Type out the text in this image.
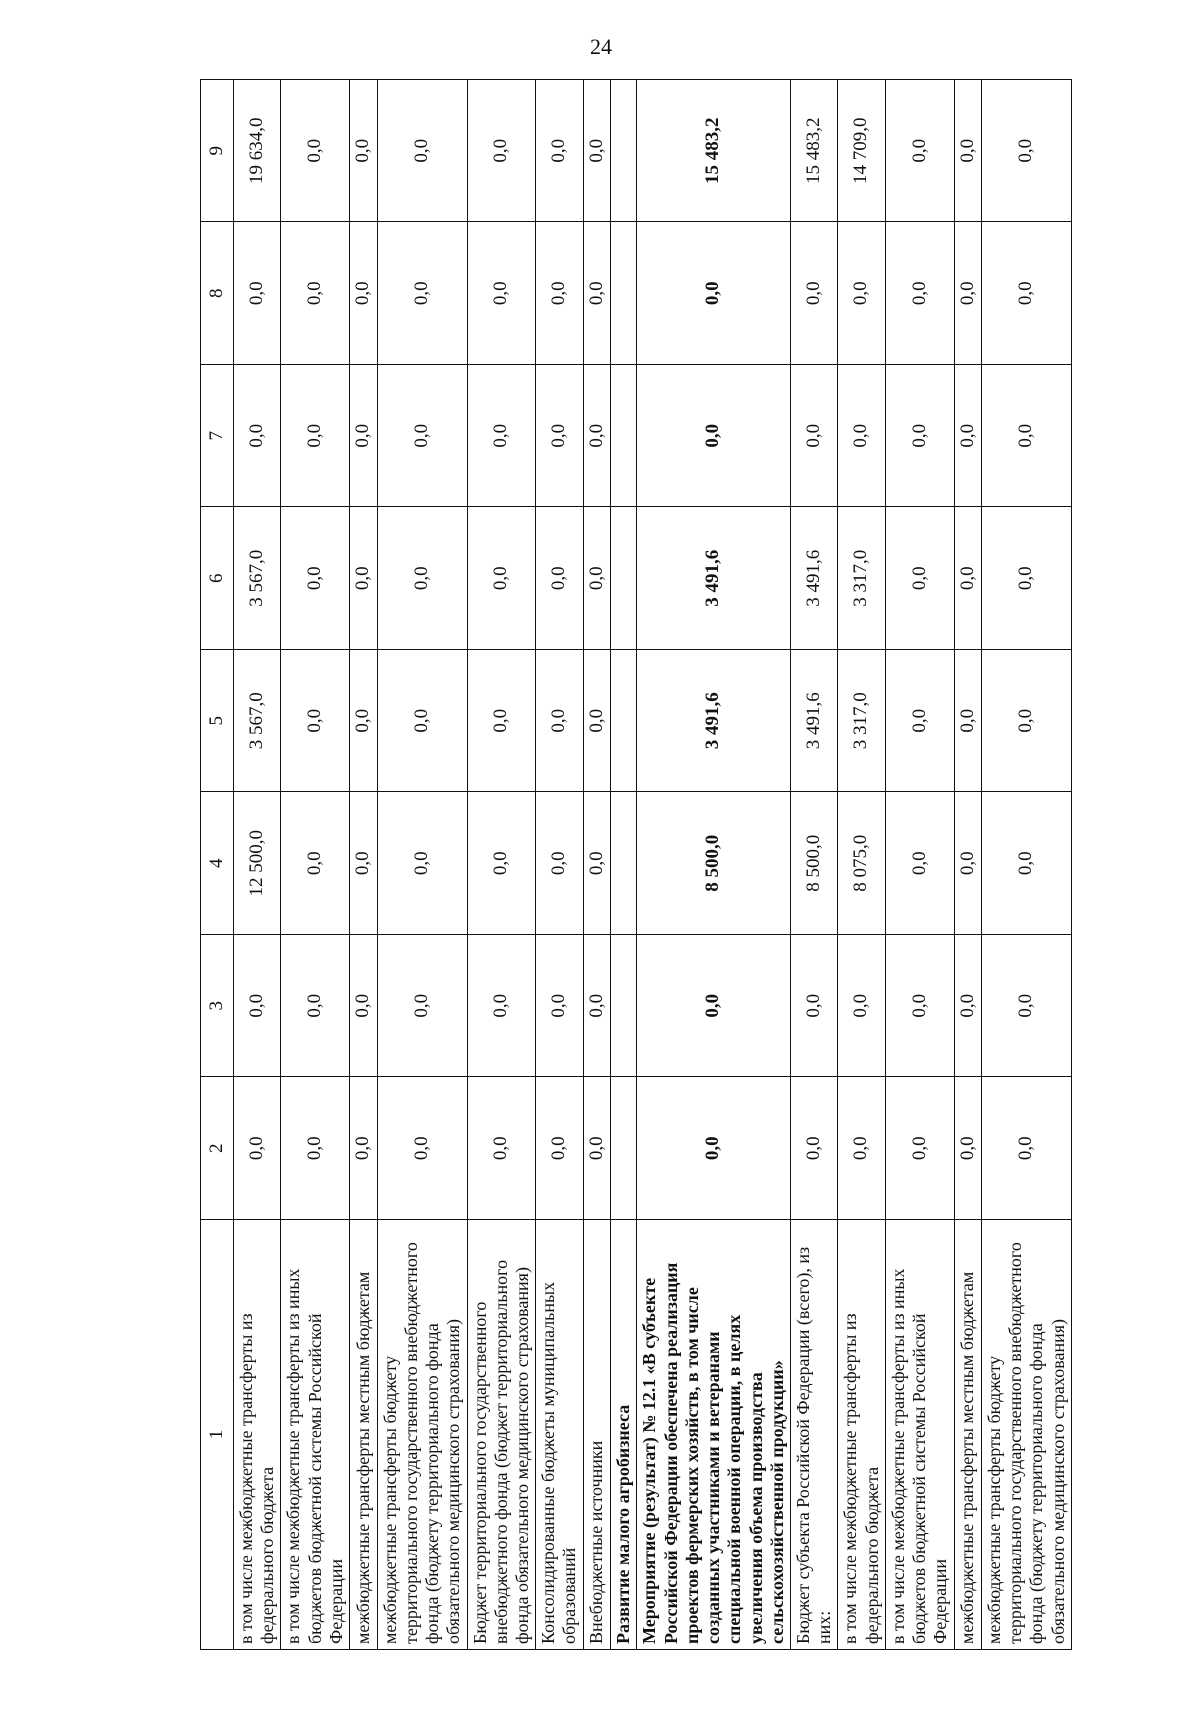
24
1	2	3	4	5	6	7	8	9
в том числе межбюджетные трансферты из федерального бюджета	0,0	0,0	12 500,0	3 567,0	3 567,0	0,0	0,0	19 634,0
в том числе межбюджетные трансферты из иных бюджетов бюджетной системы Российской Федерации	0,0	0,0	0,0	0,0	0,0	0,0	0,0	0,0
межбюджетные трансферты местным бюджетам	0,0	0,0	0,0	0,0	0,0	0,0	0,0	0,0
межбюджетные трансферты бюджету территориального государственного внебюджетного фонда (бюджету территориального фонда обязательного медицинского страхования)	0,0	0,0	0,0	0,0	0,0	0,0	0,0	0,0
Бюджет территориального государственного внебюджетного фонда (бюджет территориального фонда обязательного медицинского страхования)	0,0	0,0	0,0	0,0	0,0	0,0	0,0	0,0
Консолидированные бюджеты муниципальных образований	0,0	0,0	0,0	0,0	0,0	0,0	0,0	0,0
Внебюджетные источники	0,0	0,0	0,0	0,0	0,0	0,0	0,0	0,0
Развитие малого агробизнеса								
Мероприятие (результат) № 12.1 «В субъекте Российской Федерации обеспечена реализация проектов фермерских хозяйств, в том числе созданных участниками и ветеранами специальной военной операции, в целях увеличения объема производства сельскохозяйственной продукции»	0,0	0,0	8 500,0	3 491,6	3 491,6	0,0	0,0	15 483,2
Бюджет субъекта Российской Федерации (всего), из них:	0,0	0,0	8 500,0	3 491,6	3 491,6	0,0	0,0	15 483,2
в том числе межбюджетные трансферты из федерального бюджета	0,0	0,0	8 075,0	3 317,0	3 317,0	0,0	0,0	14 709,0
в том числе межбюджетные трансферты из иных бюджетов бюджетной системы Российской Федерации	0,0	0,0	0,0	0,0	0,0	0,0	0,0	0,0
межбюджетные трансферты местным бюджетам	0,0	0,0	0,0	0,0	0,0	0,0	0,0	0,0
межбюджетные трансферты бюджету территориального государственного внебюджетного фонда (бюджету территориального фонда обязательного медицинского страхования)	0,0	0,0	0,0	0,0	0,0	0,0	0,0	0,0
